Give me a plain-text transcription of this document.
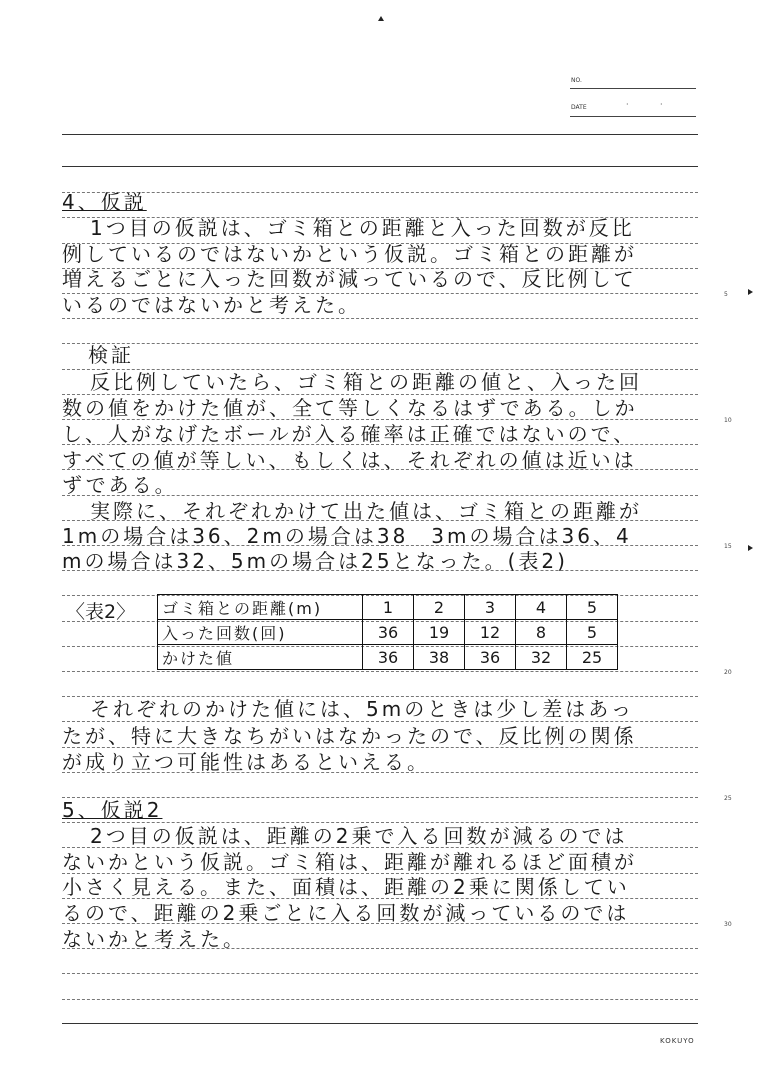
NO.
DATE	·	·
5
10
15
20
25
30
4、仮説
1つ目の仮説は、ゴミ箱との距離と入った回数が反比
例しているのではないかという仮説。ゴミ箱との距離が
増えるごとに入った回数が減っているので、反比例して
いるのではないかと考えた。
検証
反比例していたら、ゴミ箱との距離の値と、入った回
数の値をかけた値が、全て等しくなるはずである。しか
し、人がなげたボールが入る確率は正確ではないので、
すべての値が等しい、もしくは、それぞれの値は近いは
ずである。
実際に、それぞれかけて出た値は、ゴミ箱との距離が
1mの場合は36、2mの場合は38　3mの場合は36、4
mの場合は32、5mの場合は25となった。(表2)
〈表2〉 ゴミ箱との距離(m)	1	2	3	4	5
入った回数(回)	36	19	12	8	5
かけた値	36	38	36	32	25
それぞれのかけた値には、5mのときは少し差はあっ
たが、特に大きなちがいはなかったので、反比例の関係
が成り立つ可能性はあるといえる。
5、仮説2
2つ目の仮説は、距離の2乗で入る回数が減るのでは
ないかという仮説。ゴミ箱は、距離が離れるほど面積が
小さく見える。また、面積は、距離の2乗に関係してい
るので、距離の2乗ごとに入る回数が減っているのでは
ないかと考えた。
KOKUYO
